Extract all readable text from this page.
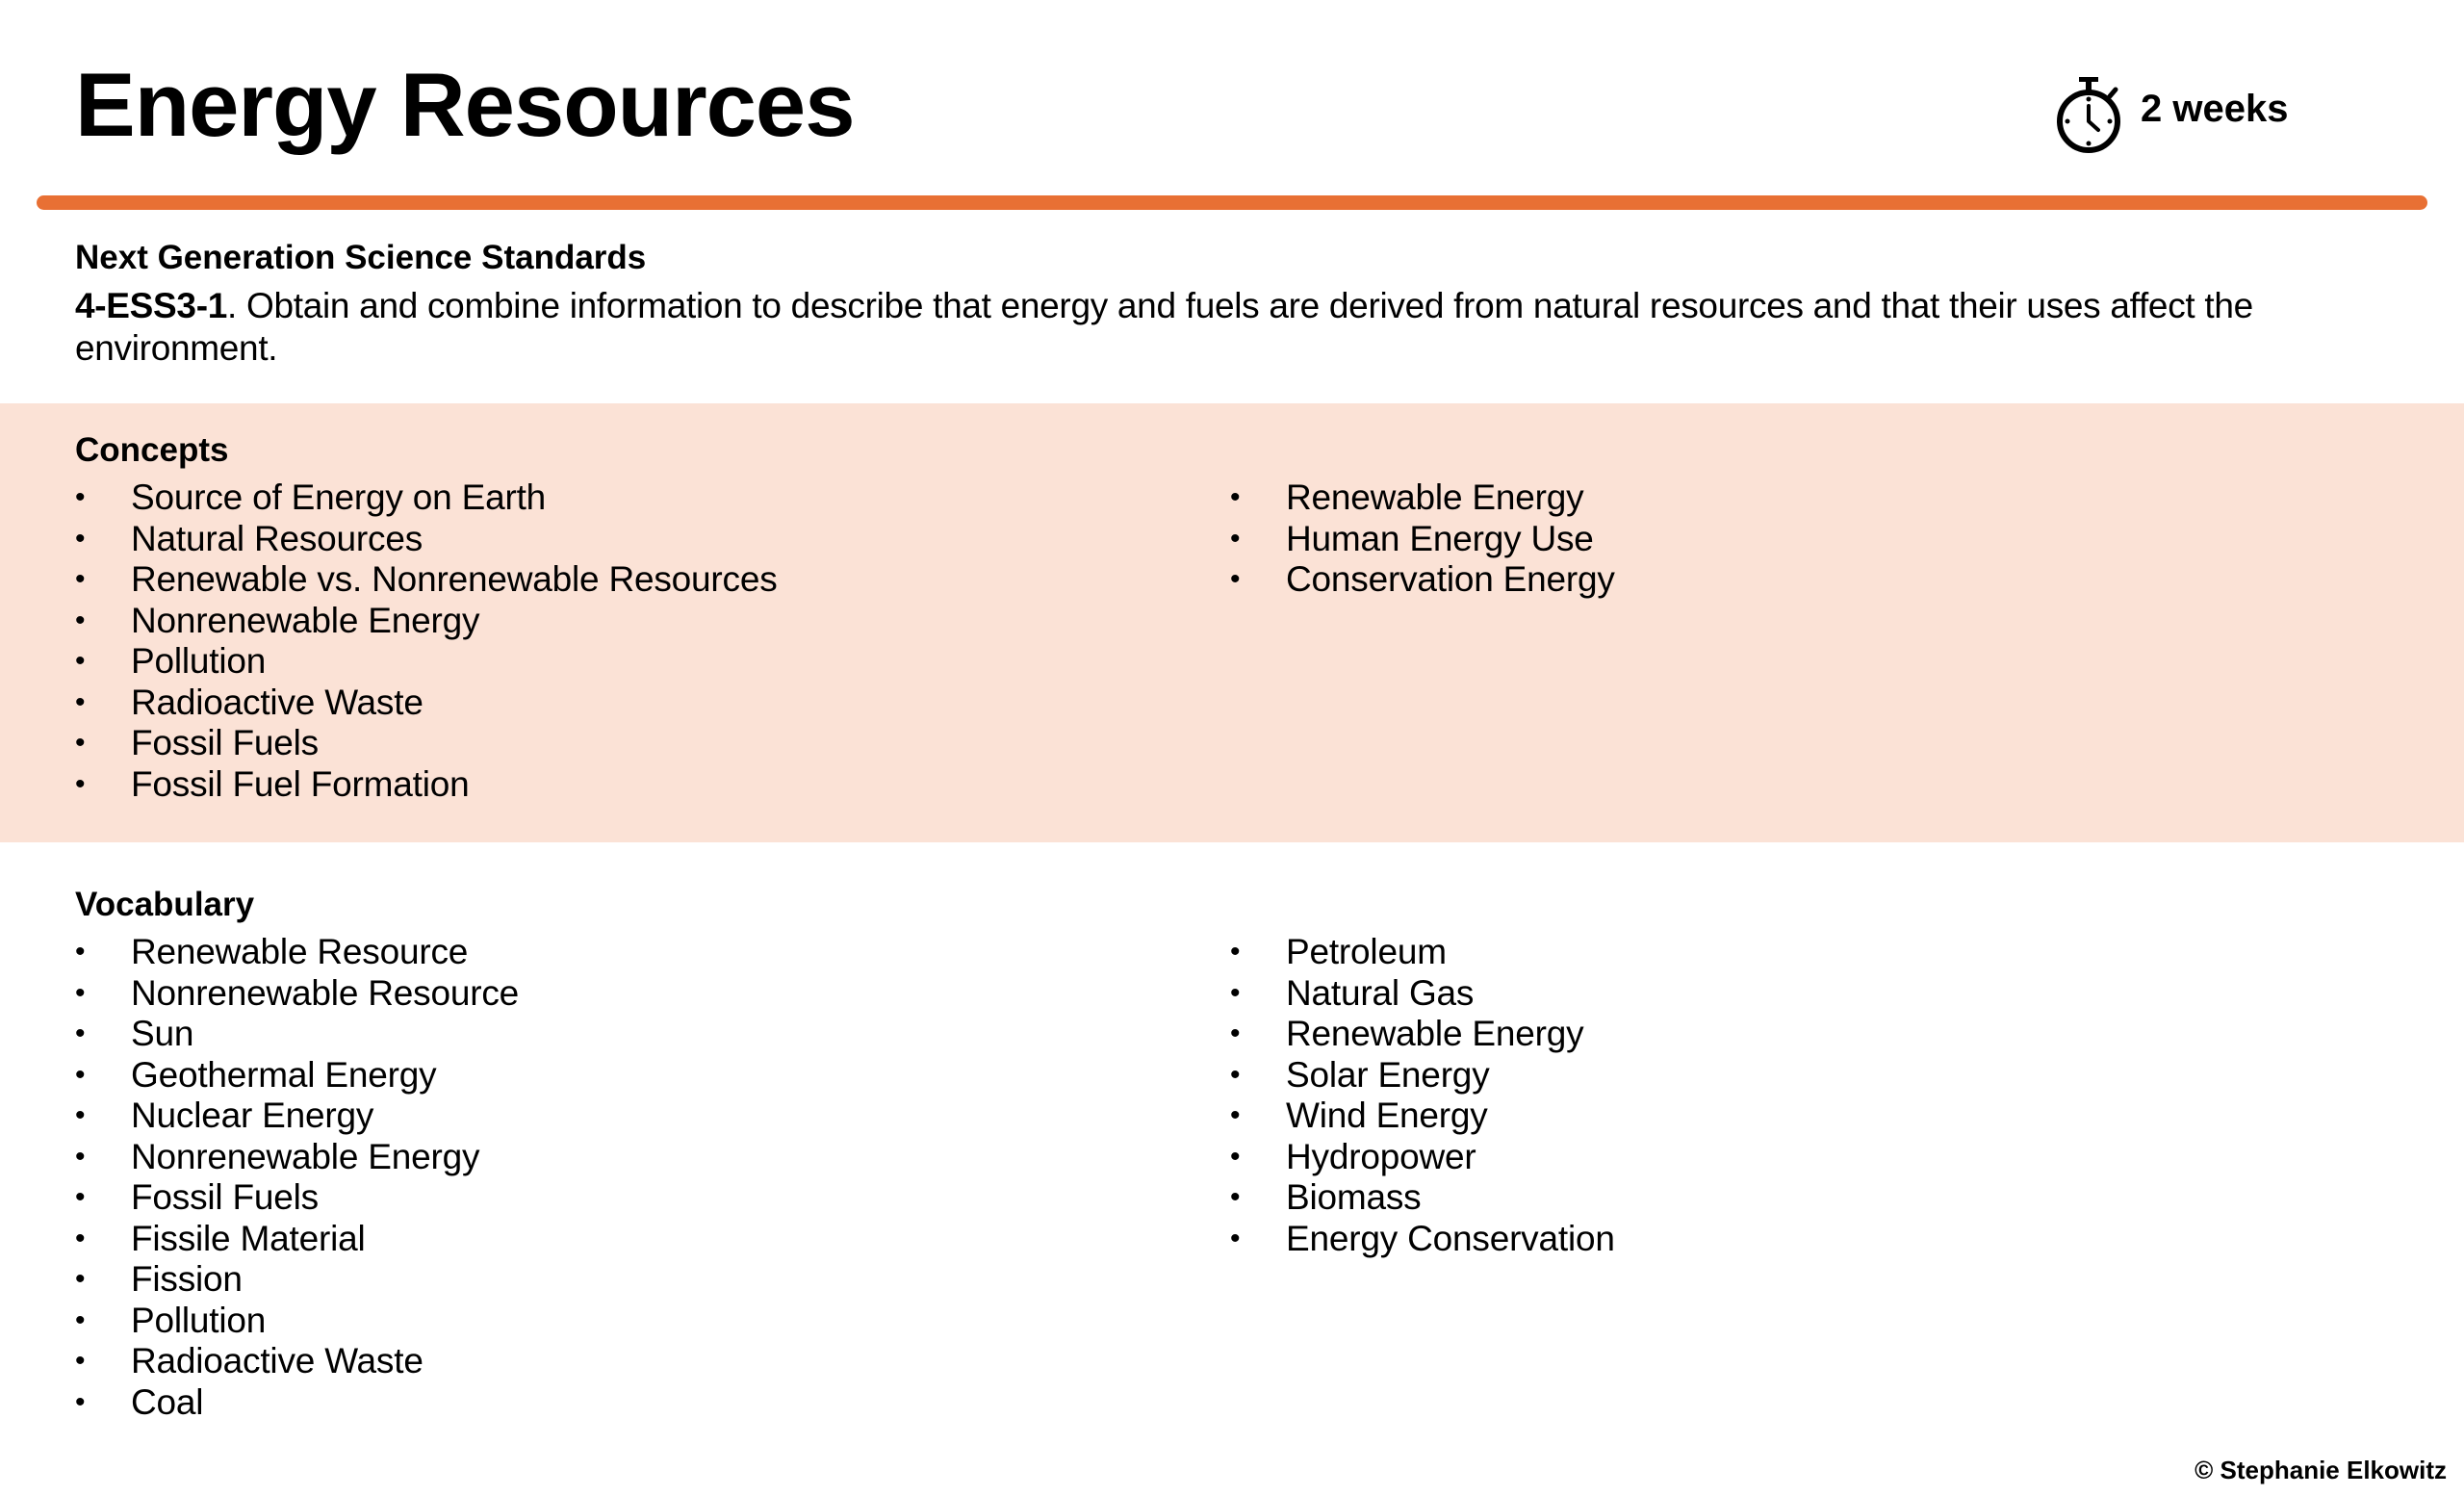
Energy Resources	2 weeks
Next Generation Science Standards

4-ESS3-1. Obtain and combine information to describe that energy and fuels are derived from natural resources and that their uses affect the environment.

Concepts
• Source of Energy on Earth
• Natural Resources
• Renewable vs. Nonrenewable Resources
• Nonrenewable Energy
• Pollution
• Radioactive Waste
• Fossil Fuels
• Fossil Fuel Formation
• Renewable Energy
• Human Energy Use
• Conservation Energy
Vocabulary
• Renewable Resource
• Nonrenewable Resource
• Sun
• Geothermal Energy
• Nuclear Energy
• Nonrenewable Energy
• Fossil Fuels
• Fissile Material
• Fission
• Pollution
• Radioactive Waste
• Coal
• Petroleum
• Natural Gas
• Renewable Energy
• Solar Energy
• Wind Energy
• Hydropower
• Biomass
• Energy Conservation
© Stephanie Elkowitz
